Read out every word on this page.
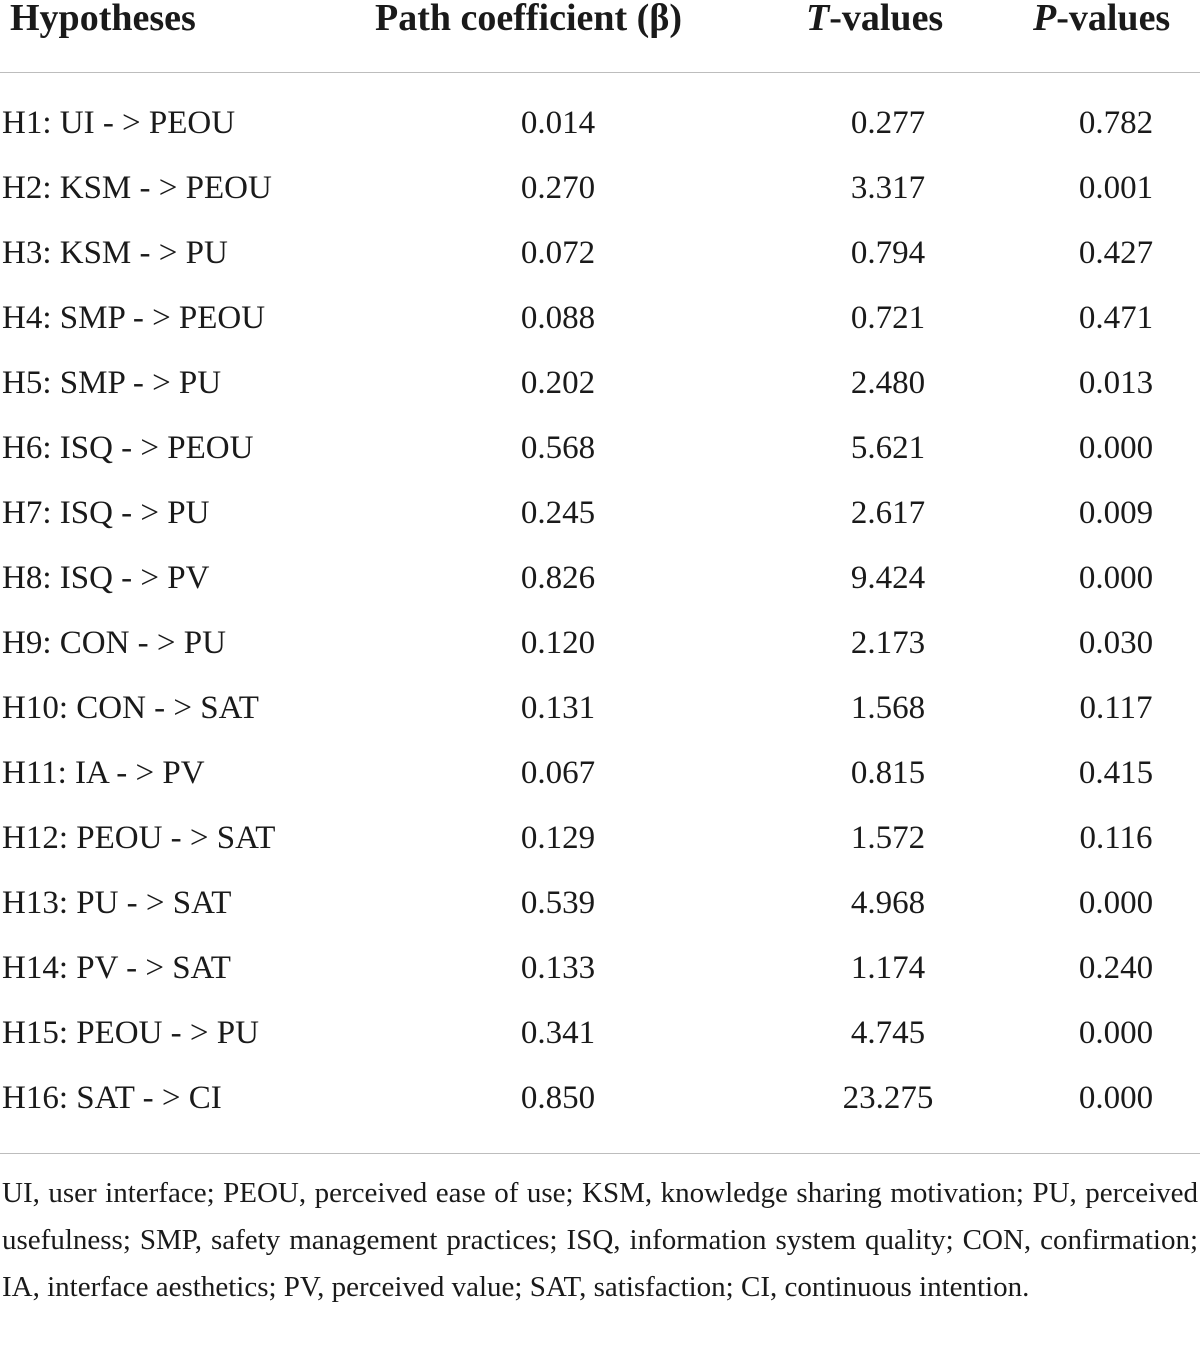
Hypotheses	Path coefficient (β)	T-values P-values
H1: UI - > PEOU	0.014	0.277	0.782
H2: KSM - > PEOU	0.270	3.317	0.001
H3: KSM - > PU	0.072	0.794	0.427
H4: SMP - > PEOU	0.088	0.721	0.471
H5: SMP - > PU	0.202	2.480	0.013
H6: ISQ - > PEOU	0.568	5.621	0.000
H7: ISQ - > PU	0.245	2.617	0.009
H8: ISQ - > PV	0.826	9.424	0.000
H9: CON - > PU	0.120	2.173	0.030
H10: CON - > SAT	0.131	1.568	0.117
H11: IA - > PV	0.067	0.815	0.415
H12: PEOU - > SAT	0.129	1.572	0.116
H13: PU - > SAT	0.539	4.968	0.000
H14: PV - > SAT	0.133	1.174	0.240
H15: PEOU - > PU	0.341	4.745	0.000
H16: SAT - > CI	0.850	23.275	0.000
UI, user interface; PEOU, perceived ease of use; KSM, knowledge sharing motivation; PU, perceived usefulness; SMP, safety management practices; ISQ, information system quality; CON, confirmation; IA, interface aesthetics; PV, perceived value; SAT, satisfaction; CI, continuous intention.
